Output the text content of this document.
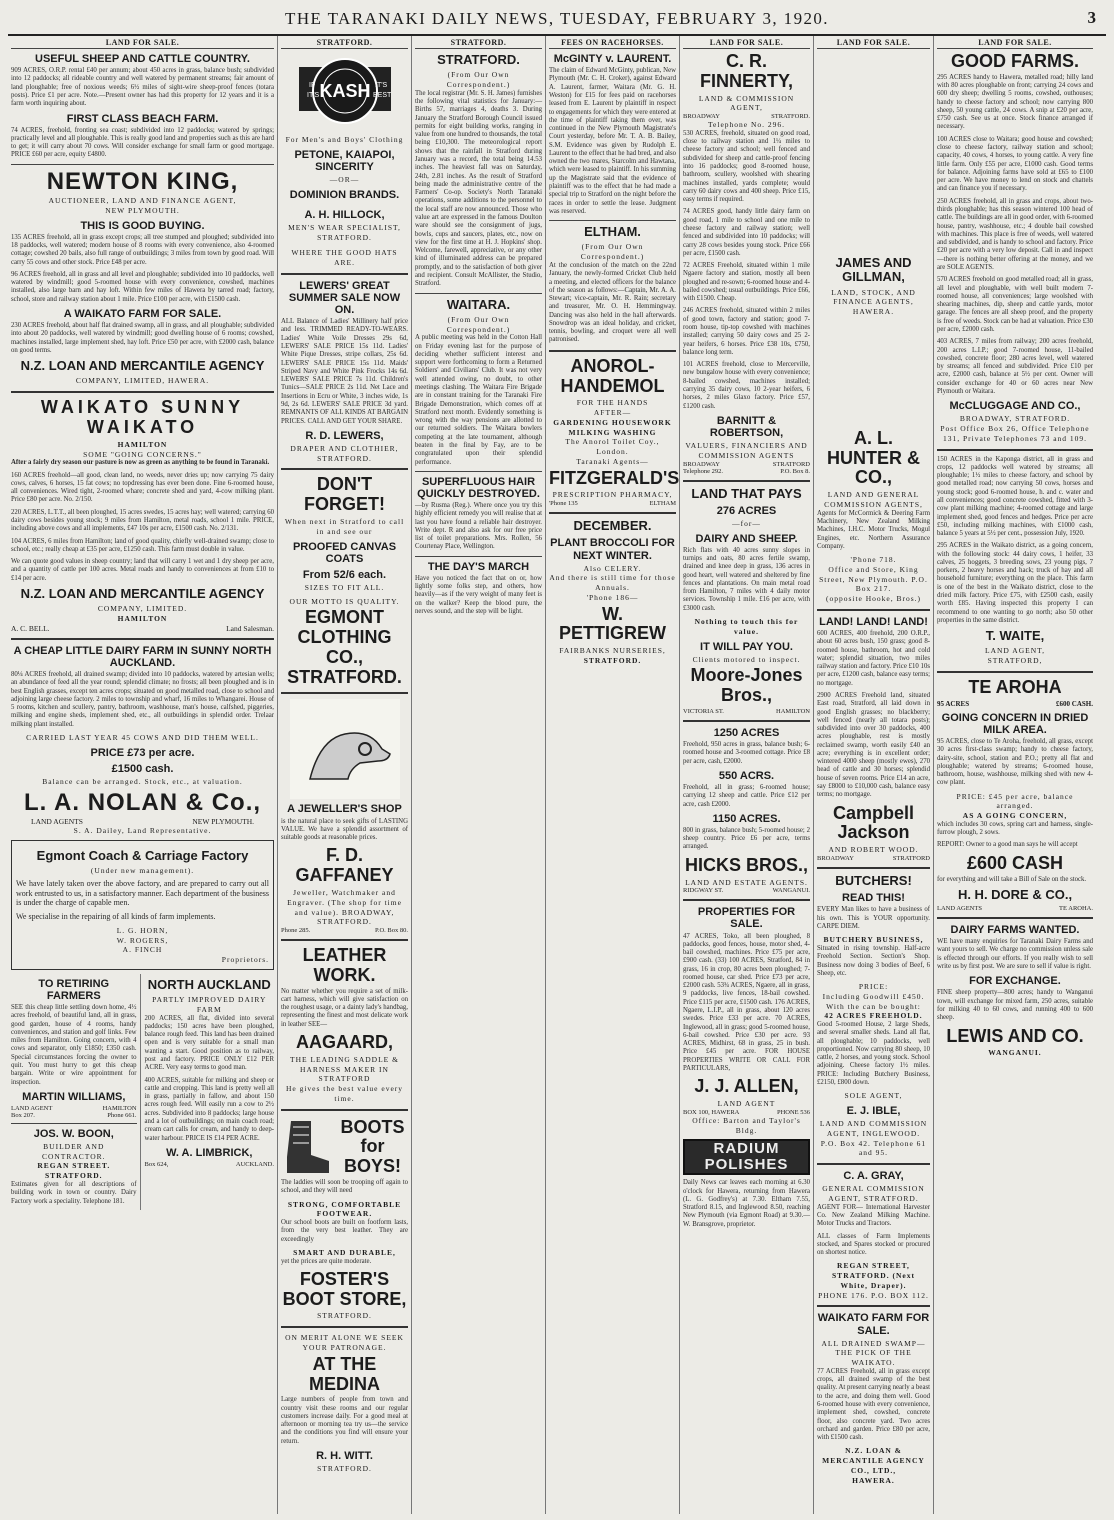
THE TARANAKI DAILY NEWS, TUESDAY, FEBRUARY 3, 1920.	3
LAND FOR SALE.
USEFUL SHEEP AND CATTLE COUNTRY.

909 ACRES, O.R.P. rental £40 per annum; about 450 acres in grass, balance bush; subdivided into 12 paddocks; all rideable country and well watered by permanent streams; fair amount of land ploughable; free of noxious weeds; 6½ miles of sight-wire sheep-proof fences (totara posts). Price £1 per acre. Note.—Present owner has had this property for 12 years and it is a farm worth inquiring about.

FIRST CLASS BEACH FARM.

74 ACRES, freehold, fronting sea coast; subdivided into 12 paddocks; watered by springs; practically level and all ploughable. This is really good land and properties such as this are hard to get; it will carry about 70 cows. Will consider exchange for small farm or good mortgage. PRICE £60 per acre, equity £4800.

NEWTON KING,
AUCTIONEER, LAND AND FINANCE AGENT,
NEW PLYMOUTH.
THIS IS GOOD BUYING.

135 ACRES freehold, all in grass except crops; all tree stumped and ploughed; subdivided into 18 paddocks, well watered; modern house of 8 rooms with every convenience, also 4-roomed cottage; cowshed 20 bails, also full range of outbuildings; 3 miles from town by good road. Will carry 55 cows and other stock. Price £48 per acre.

96 ACRES freehold, all in grass and all level and ploughable; subdivided into 10 paddocks, well watered by windmill; good 5-roomed house with every convenience, cowshed, machines installed, also large barn and hay loft. Within few miles of Hawera by tarred road; factory, school, store and railway station about 1 mile. Price £100 per acre, with £1500 cash.

A WAIKATO FARM FOR SALE.

230 ACRES freehold, about half flat drained swamp, all in grass, and all ploughable; subdivided into about 20 paddocks, well watered by windmill; good dwelling house of 6 rooms; cowshed, machines installed, large implement shed, hay loft. Price £50 per acre, with £2000 cash, balance on good terms.

N.Z. LOAN AND MERCANTILE AGENCY
COMPANY, LIMITED, HAWERA.
WAIKATO SUNNY WAIKATO
HAMILTON
SOME "GOING CONCERNS."

After a fairly dry season our pasture is now as green as anything to be found in Taranaki.

160 ACRES freehold—all good, clean land, no weeds, never dries up; now carrying 75 dairy cows, calves, 6 horses, 15 fat cows; no topdressing has ever been done. Fine 6-roomed house, all conveniences. Wired tight, 2-roomed whare; concrete shed and yard, 4-cow milking plant. Price £80 per acre. No. 2/150.

220 ACRES, L.T.T., all been ploughed, 15 acres swedes, 15 acres hay; well watered; carrying 60 dairy cows besides young stock; 9 miles from Hamilton, metal roads, school 1 mile. PRICE, including above cows and all implements, £47 10s per acre, £1500 cash. No. 2/131.

104 ACRES, 6 miles from Hamilton; land of good quality, chiefly well-drained swamp; close to school, etc.; really cheap at £35 per acre, £1250 cash. This farm must double in value.

We can quote good values in sheep country; land that will carry 1 wet and 1 dry sheep per acre, and a quantity of cattle per 100 acres. Metal roads and handy to conveniences at from £10 to £14 per acre.

N.Z. LOAN AND MERCANTILE AGENCY
COMPANY, LIMITED.
HAMILTON
A. C. BELL.	Land Salesman.
A CHEAP LITTLE DAIRY FARM IN SUNNY NORTH AUCKLAND.

80¼ ACRES freehold, all drained swamp; divided into 10 paddocks, watered by artesian wells; an abundance of feed all the year round; splendid climate; no frosts; all been ploughed and is in best English grasses, except ten acres crops; situated on good metalled road, close to school and adjoining large cheese factory. 2 miles to township and wharf, 16 miles to Whangarei. House of 5 rooms, kitchen and scullery, pantry, bathroom, washhouse, man's house, calfshed, piggeries, milking and engine sheds, implement shed, etc., all outbuildings in splendid order. Trelaar milking plant installed.

CARRIED LAST YEAR 45 COWS AND DID THEM WELL.
PRICE £73 per acre.
£1500 cash.
Balance can be arranged. Stock, etc., at valuation.
L. A. NOLAN & Co.,
LAND AGENTS	NEW PLYMOUTH.
S. A. Dailey, Land Representative.
Egmont Coach & Carriage Factory
(Under new management).

We have lately taken over the above factory, and are prepared to carry out all work entrusted to us, in a satisfactory manner. Each department of the business is under the charge of capable men.

We specialise in the repairing of all kinds of farm implements.

L. G. HORN,
W. ROGERS,
A. FINCH
Proprietors.
TO RETIRING FARMERS

SEE this cheap little settling down home, 4½ acres freehold, of beautiful land, all in grass, good garden, house of 4 rooms, handy conveniences, and station and golf links. Few miles from Hamilton. Going concern, with 4 cows and separator, only £1850; £350 cash. Special circumstances forcing the owner to quit. You must hurry to get this cheap bargain. Write or wire appointment for inspection.

MARTIN WILLIAMS,
LAND AGENT	HAMILTON
Box 207.	Phone 661.
JOS. W. BOON,
BUILDER AND CONTRACTOR.
REGAN STREET. STRATFORD.

Estimates given for all descriptions of building work in town or country. Dairy Factory work a speciality. Telephone 181.

NORTH AUCKLAND
PARTLY IMPROVED DAIRY FARM

200 ACRES, all flat, divided into several paddocks; 150 acres have been ploughed, balance rough feed. This land has been drained open and is very suitable for a small man wanting a start. Good position as to railway, post and factory. PRICE ONLY £12 PER ACRE. Very easy terms to good man.

400 ACRES, suitable for milking and sheep or cattle and cropping. This land is pretty well all in grass, partially in fallow, and about 150 acres rough feed. Will easily run a cow to 2½ acres. Subdivided into 8 paddocks; large house and a lot of outbuildings; on main coach road; cream cart calls for cream, and handy to deep-water harbour. PRICE IS £14 PER ACRE.

W. A. LIMBRICK,
Box 624,	AUCKLAND.
STRATFORD.
KASH
IF
IT'S
IT'S
BEST
For Men's and Boys' Clothing
PETONE, KAIAPOI, SINCERITY
—OR—
DOMINION BRANDS.
A. H. HILLOCK,
MEN'S WEAR SPECIALIST, STRATFORD.
WHERE THE GOOD HATS ARE.
LEWERS' GREAT SUMMER SALE NOW ON.

ALL Balance of Ladies' Millinery half price and less. TRIMMED READY-TO-WEARS. Ladies' White Voile Dresses 29s 6d, LEWERS' SALE PRICE 15s 11d. Ladies' White Pique Dresses, stripe collars, 25s 6d. LEWERS' SALE PRICE 15s 11d. Maids' Striped Navy and White Pink Frocks 14s 6d. LEWERS' SALE PRICE 7s 11d. Children's Tunics—SALE PRICE 2s 11d. Net Lace and Insertions in Ecru or White, 3 inches wide, 1s 9d, 2s 6d. LEWERS' SALE PRICE 3d yard. REMNANTS OF ALL KINDS AT BARGAIN PRICES. CALL AND GET YOUR SHARE.

R. D. LEWERS,
DRAPER AND CLOTHIER, STRATFORD.
DON'T FORGET!
When next in Stratford to call in and see our
PROOFED CANVAS COATS
From 52/6 each.
SIZES TO FIT ALL.
OUR MOTTO IS QUALITY.
EGMONT CLOTHING CO., STRATFORD.
A JEWELLER'S SHOP

is the natural place to seek gifts of LASTING VALUE. We have a splendid assortment of suitable goods at reasonable prices.

F. D. GAFFANEY
Jeweller, Watchmaker and Engraver. (The shop for time and value). BROADWAY, STRATFORD.
Phone 285.	P.O. Box 80.
LEATHER WORK.

No matter whether you require a set of milk-cart harness, which will give satisfaction on the roughest usage, or a dainty lady's handbag, representing the finest and most delicate work in leather SEE—

AAGAARD,
THE LEADING SADDLE & HARNESS MAKER IN STRATFORD
He gives the best value every time.
BOOTS for BOYS!

The laddies will soon be trooping off again to school, and they will need

STRONG, COMFORTABLE FOOTWEAR.

Our school boots are built on footform lasts, from the very best leather. They are exceedingly

SMART AND DURABLE,

yet the prices are quite moderate.

FOSTER'S BOOT STORE,
STRATFORD.
ON MERIT ALONE WE SEEK YOUR PATRONAGE.
AT THE MEDINA

Large numbers of people from town and country visit these rooms and our regular customers increase daily. For a good meal at afternoon or morning tea try us—the service and the conditions you find will ensure your return.

R. H. WITT.
STRATFORD.
STRATFORD.
STRATFORD.
(From Our Own Correspondent.)

The local registrar (Mr. S. H. James) furnishes the following vital statistics for January:—Births 57, marriages 4, deaths 3. During January the Stratford Borough Council issued permits for eight building works, ranging in value from one hundred to thousands, the total being £10,300. The meteorological report shows that the rainfall in Stratford during January was a record, the total being 14.53 inches. The heaviest fall was on Saturday, 24th, 2.81 inches. As the result of Stratford being made the administrative centre of the Farmers' Co-op. Society's North Taranaki operations, some additions to the personnel to the local staff are now announced. Those who value art are expressed in the famous Doulton ware should see the consignment of jugs, bowls, cups and saucers, plates, etc., now on view for the first time at H. J. Hopkins' shop. Welcome, farewell, appreciative, or any other kind of illuminated address can be prepared promptly, and to the satisfaction of both giver and recipient. Consult McAllister, the Studio, Stratford.

WAITARA.
(From Our Own Correspondent.)

A public meeting was held in the Cotton Hall on Friday evening last for the purpose of deciding whether sufficient interest and support were forthcoming to form a Returned Soldiers' and Civilians' Club. It was not very well attended owing, no doubt, to other meetings clashing. The Waitara Fire Brigade are in constant training for the Taranaki Fire Brigade Demonstration, which comes off at Stratford next month. Evidently something is wrong with the way pensions are allotted to our returned soldiers. The Waitara bowlers competing at the late tournament, although beaten in the final by Fay, are to be congratulated upon their splendid performance.

SUPERFLUOUS HAIR QUICKLY DESTROYED.

—by Rusma (Reg.). Where once you try this highly efficient remedy you will realise that at last you have found a reliable hair destroyer. Write dept. R and also ask for our free price list of toilet preparations. Mrs. Rollen, 56 Courtenay Place, Wellington.

THE DAY'S MARCH

Have you noticed the fact that on or, how lightly some folks step, and others, how heavily—as if the very weight of many feet is on the walker? Keep the blood pure, the nerves sound, and the step will be light.

FEES ON RACEHORSES.
McGINTY v. LAURENT.

The claim of Edward McGinty, publican, New Plymouth (Mr. C. H. Croker), against Edward A. Laurent, farmer, Waitara (Mr. G. H. Weston) for £15 for fees paid on racehorses leased from E. Laurent by plaintiff in respect to engagements for which they were entered at the time of plaintiff taking them over, was continued in the New Plymouth Magistrate's Court yesterday, before Mr. T. A. B. Bailey, S.M. Evidence was given by Rudolph E. Laurent to the effect that he had bred, and also owned the two mares, Starcolm and Hawtana, which were leased to plaintiff. In his summing up the Magistrate said that the evidence of plaintiff was to the effect that he had made a special trip to Stratford on the night before the races in order to settle the lease. Judgment was reserved.

ELTHAM.
(From Our Own Correspondent.)

At the conclusion of the match on the 22nd January, the newly-formed Cricket Club held a meeting, and elected officers for the balance of the season as follows:—Captain, Mr. A. A. Stewart; vice-captain, Mr. R. Rain; secretary and treasurer, Mr. O. H. Hemmingway. Dancing was also held in the hall afterwards. Snowdrop was an ideal holiday, and cricket, tennis, bowling, and croquet were all well patronised.

ANOROL-HANDEMOL
FOR THE HANDS
AFTER—
GARDENING HOUSEWORK MILKING WASHING
The Anorol Toilet Coy., London.
Taranaki Agents—
FITZGERALD'S
PRESCRIPTION PHARMACY,
'Phone 135	ELTHAM
DECEMBER.
PLANT BROCCOLI FOR NEXT WINTER.
Also CELERY.
And there is still time for those Annuals.
'Phone 186—
W. PETTIGREW
FAIRBANKS NURSERIES,
STRATFORD.
LAND FOR SALE.
C. R. FINNERTY,
LAND & COMMISSION AGENT,
BROADWAY	STRATFORD.
Telephone No. 296.

530 ACRES, freehold, situated on good road, close to railway station and 1¼ miles to cheese factory and school; well fenced and subdivided for sheep and cattle-proof fencing into 16 paddocks; good 8-roomed house, bathroom, scullery, woolshed with shearing machines installed, yards complete; would carry 60 dairy cows and 400 sheep. Price £15, easy terms if required.

74 ACRES good, handy little dairy farm on good road, 1 mile to school and one mile to cheese factory and railway station; well fenced and subdivided into 10 paddocks; will carry 28 cows besides young stock. Price £66 per acre, £1500 cash.

72 ACRES Freehold, situated within 1 mile Ngaere factory and station, mostly all been ploughed and re-sown; 6-roomed house and 4-bailed cowshed; usual outbuildings. Price £66, with £1500. Cheap.

246 ACRES freehold, situated within 2 miles of good town, factory and station; good 7-room house, tip-top cowshed with machines installed; carrying 50 dairy cows and 25 2-year heifers, 6 horses. Price £38 10s, £750, balance long term.

101 ACRES freehold, close to Mercerville, new bungalow house with every convenience; 8-bailed cowshed, machines installed; carrying 35 dairy cows, 10 2-year heifers, 6 horses, 2 miles Glaxo factory. Price £57, £1200 cash.

BARNITT & ROBERTSON,
VALUERS, FINANCIERS AND COMMISSION AGENTS
BROADWAY	STRATFORD
Telephone 292.	P.O. Box 8.
LAND THAT PAYS
276 ACRES
—for—
DAIRY AND SHEEP.

Rich flats with 40 acres sunny slopes in turnips and oats, 80 acres fertile swamp, drained and knee deep in grass, 136 acres in good heart, well watered and sheltered by fine fences and plantations. On main metal road from Hamilton, 7 miles with 4 daily motor services. Township 1 mile. £16 per acre, with £3000 cash.

Nothing to touch this for value.
IT WILL PAY YOU.
Clients motored to inspect.
Moore-Jones Bros.,
VICTORIA ST.	HAMILTON
1250 ACRES

Freehold, 950 acres in grass, balance bush; 6-roomed house and 3-roomed cottage. Price £8 per acre, cash, £2000.

550 ACRS.

Freehold, all in grass; 6-roomed house; carrying 12 sheep and cattle. Price £12 per acre, cash £2000.

1150 ACRES.

800 in grass, balance bush; 5-roomed house; 2 sheep country. Price £6 per acre, terms arranged.

HICKS BROS.,
LAND AND ESTATE AGENTS.
RIDGWAY ST.	WANGANUI.
PROPERTIES FOR SALE.

47 ACRES, Toko, all been ploughed, 8 paddocks, good fences, house, motor shed, 4-bail cowshed, machines. Price £75 per acre, £900 cash. (33) 100 ACRES, Stratford, 84 in grass, 16 in crop, 80 acres been ploughed; 7-roomed house, car shed. Price £73 per acre, £2000 cash. 53¾ ACRES, Ngaere, all in grass, 9 paddocks, live fences, 18-bail cowshed. Price £115 per acre, £1500 cash. 176 ACRES, Ngaere, L.I.P., all in grass, about 120 acres swedes. Price £33 per acre. 70 ACRES, Inglewood, all in grass; good 5-roomed house, 6-bail cowshed. Price £30 per acre. 93 ACRES, Midhirst, 68 in grass, 25 in bush. Price £45 per acre. FOR HOUSE PROPERTIES WRITE OR CALL FOR PARTICULARS,

J. J. ALLEN,
LAND AGENT
BOX 100, HAWERA	PHONE 536
Office: Barton and Taylor's Bldg.
RADIUM POLISHES

Daily News car leaves each morning at 6.30 o'clock for Hawera, returning from Hawera (L. G. Godfrey's) at 7.30. Eltham 7.55, Stratford 8.15, and Inglewood 8.50, reaching New Plymouth (via Egmont Road) at 9.30.—W. Bransgrove, proprietor.

LAND FOR SALE.
JAMES AND GILLMAN,
LAND, STOCK, AND FINANCE AGENTS, HAWERA.
A. L. HUNTER & CO.,
LAND AND GENERAL COMMISSION AGENTS,

Agents for McCormick & Deering Farm Machinery, New Zealand Milking Machines, I.H.C. Motor Trucks, Mogul Engines, etc. Northern Assurance Company.

'Phone 718.
Office and Store, King Street, New Plymouth. P.O. Box 217.
(opposite Hooke, Bros.)
LAND! LAND! LAND!

600 ACRES, 400 freehold, 200 O.R.P., about 60 acres bush, 150 grass; good 8-roomed house, bathroom, hot and cold water; splendid situation, two miles railway station and factory. Price £10 10s per acre, £1200 cash, balance easy terms; no mortgage.

2900 ACRES Freehold land, situated East road, Stratford, all laid down in good English grasses; no blackberry; well fenced (nearly all totara posts); subdivided into over 30 paddocks, 400 acres ploughable, rest is mostly reclaimed swamp, worth easily £40 an acre; everything is in excellent order; wintered 4000 sheep (mostly ewes), 270 head of cattle and 30 horses; splendid house of seven rooms. Price £14 an acre, say £8000 to £10,000 cash, balance easy terms; no mortgage.

Campbell Jackson
AND ROBERT WOOD.
BROADWAY	STRATFORD
BUTCHERS!
READ THIS!

EVERY Man likes to have a business of his own. This is YOUR opportunity. CARPE DIEM.

BUTCHERY BUSINESS,

Situated in rising township. Half-acre Freehold Section. Section's Shop. Business now doing 3 bodies of Beef, 6 Sheep, etc.

PRICE:
Including Goodwill £450.
With the can be bought:
42 ACRES FREEHOLD.

Good 5-roomed House, 2 large Sheds, and several smaller sheds. Land all flat, all ploughable; 10 paddocks, well proportioned. Now carrying 80 sheep, 10 cattle, 2 horses, and young stock. School adjoining. Cheese factory 1½ miles. PRICE: Including Butchery Business, £2150, £800 down.

SOLE AGENT,
E. J. IBLE,
LAND AND COMMISSION AGENT, INGLEWOOD.
P.O. Box 42. Telephone 61 and 95.
C. A. GRAY,
GENERAL COMMISSION AGENT, STRATFORD.

AGENT FOR— International Harvester Co. New Zealand Milking Machine. Motor Trucks and Tractors.

ALL classes of Farm Implements stocked, and Spares stocked or procured on shortest notice.

REGAN STREET, STRATFORD. (Next White, Draper).
PHONE 176. P.O. BOX 112.
WAIKATO FARM FOR SALE.
ALL DRAINED SWAMP—THE PICK OF THE WAIKATO.

77 ACRES Freehold, all in grass except crops, all drained swamp of the best quality. At present carrying nearly a beast to the acre, and doing them well. Good 6-roomed house with every convenience, implement shed, cowshed, concrete floor, also concrete yard. Two acres orchard and garden. Price £80 per acre, with £1500 cash.

N.Z. LOAN & MERCANTILE AGENCY CO., LTD.,
HAWERA.
LAND FOR SALE.
GOOD FARMS.

295 ACRES handy to Hawera, metalled road; hilly land with 80 acres ploughable on front; carrying 24 cows and 600 dry sheep; dwelling 5 rooms, cowshed, outhouses; handy to cheese factory and school; now carrying 800 sheep, 50 young cattle, 24 cows. A snip at £20 per acre, £750 cash. See us at once. Stock finance arranged if necessary.

100 ACRES close to Waitara; good house and cowshed; close to cheese factory, railway station and school; capacity, 40 cows, 4 horses, to young cattle. A very fine little farm. Only £55 per acre, £1000 cash. Good terms for balance. Adjoining farms have sold at £65 to £100 per acre. We have money to lend on stock and chattels and can finance you if necessary.

250 ACRES freehold, all in grass and crops, about two-thirds ploughable; has this season wintered 100 head of cattle. The buildings are all in good order, with 6-roomed house, pantry, washhouse, etc.; 4 double bail cowshed with machines. This place is free of weeds, well watered and subdivided, and is handy to school and factory. Price £20 per acre with a very low deposit. Call in and inspect—there is nothing better offering at the money, and we are SOLE AGENTS.

570 ACRES freehold on good metalled road; all in grass, all level and ploughable, with well built modern 7-roomed house, all conveniences; large woolshed with shearing machines, dip, sheep and cattle yards, motor garage. The fences are all sheep proof, and the property is free of weeds. Stock can be had at valuation. Price £30 per acre, £2000 cash.

403 ACRES, 7 miles from railway; 200 acres freehold, 200 acres L.I.P.; good 7-roomed house, 11-bailed cowshed, concrete floor; 280 acres level, well watered by streams; all fenced and subdivided. Price £10 per acre, £2000 cash, balance at 5½ per cent. Owner will consider exchange for 40 or 60 acres near New Plymouth or Waitara.

McCLUGGAGE AND CO.,
BROADWAY, STRATFORD.
Post Office Box 26, Office Telephone 131, Private Telephones 73 and 109.

150 ACRES in the Kaponga district, all in grass and crops, 12 paddocks well watered by streams; all ploughable; 1½ miles to cheese factory, and school by good metalled road; now carrying 50 cows, horses and young stock; good 6-roomed house, h. and c. water and all conveniences; good concrete cowshed, fitted with 3-cow plant milking machine; 4-roomed cottage and large implement shed, good fences and hedges. Price per acre £50, including milking machines, with £1000 cash, balance 5 years at 5½ per cent., possession July, 1920.

295 ACRES in the Waikato district, as a going concern, with the following stock: 44 dairy cows, 1 heifer, 33 calves, 25 hoggets, 3 breeding sows, 23 young pigs, 7 porkers, 2 heavy horses and hack; truck of hay and all household furniture; everything on the place. This farm is one of the best in the Waikato district, close to the dried milk factory. Price £75, with £2500 cash, easily worth £85. Having inspected this property I can recommend to one wanting to go north; also 50 other properties in the same district.

T. WAITE,
LAND AGENT,
STRATFORD,
TE AROHA
95 ACRES	£600 CASH.
GOING CONCERN IN DRIED MILK AREA.

95 ACRES, close to Te Aroha, freehold, all grass, except 30 acres first-class swamp; handy to cheese factory, dairy-site, school, station and P.O.; pretty all flat and ploughable; watered by streams; 6-roomed house, bathroom, house, washhouse, milking shed with new 4-cow plant.

PRICE: £45 per acre, balance arranged.
AS A GOING CONCERN,

which includes 30 cows, spring cart and harness, single-furrow plough, 2 sows.

REPORT: Owner to a good man says he will accept

£600 CASH

for everything and will take a Bill of Sale on the stock.

H. H. DORE & CO.,
LAND AGENTS	TE AROHA.
DAIRY FARMS WANTED.

WE have many enquiries for Taranaki Dairy Farms and want yours to sell. We charge no commission unless sale is effected through our efforts. If you really wish to sell write us by first post. We are sure to sell if value is right.

FOR EXCHANGE.

FINE sheep property—800 acres; handy to Wanganui town, will exchange for mixed farm, 250 acres, suitable for milking 40 to 60 cows, and running 400 to 600 sheep.

LEWIS AND CO.
WANGANUI.
